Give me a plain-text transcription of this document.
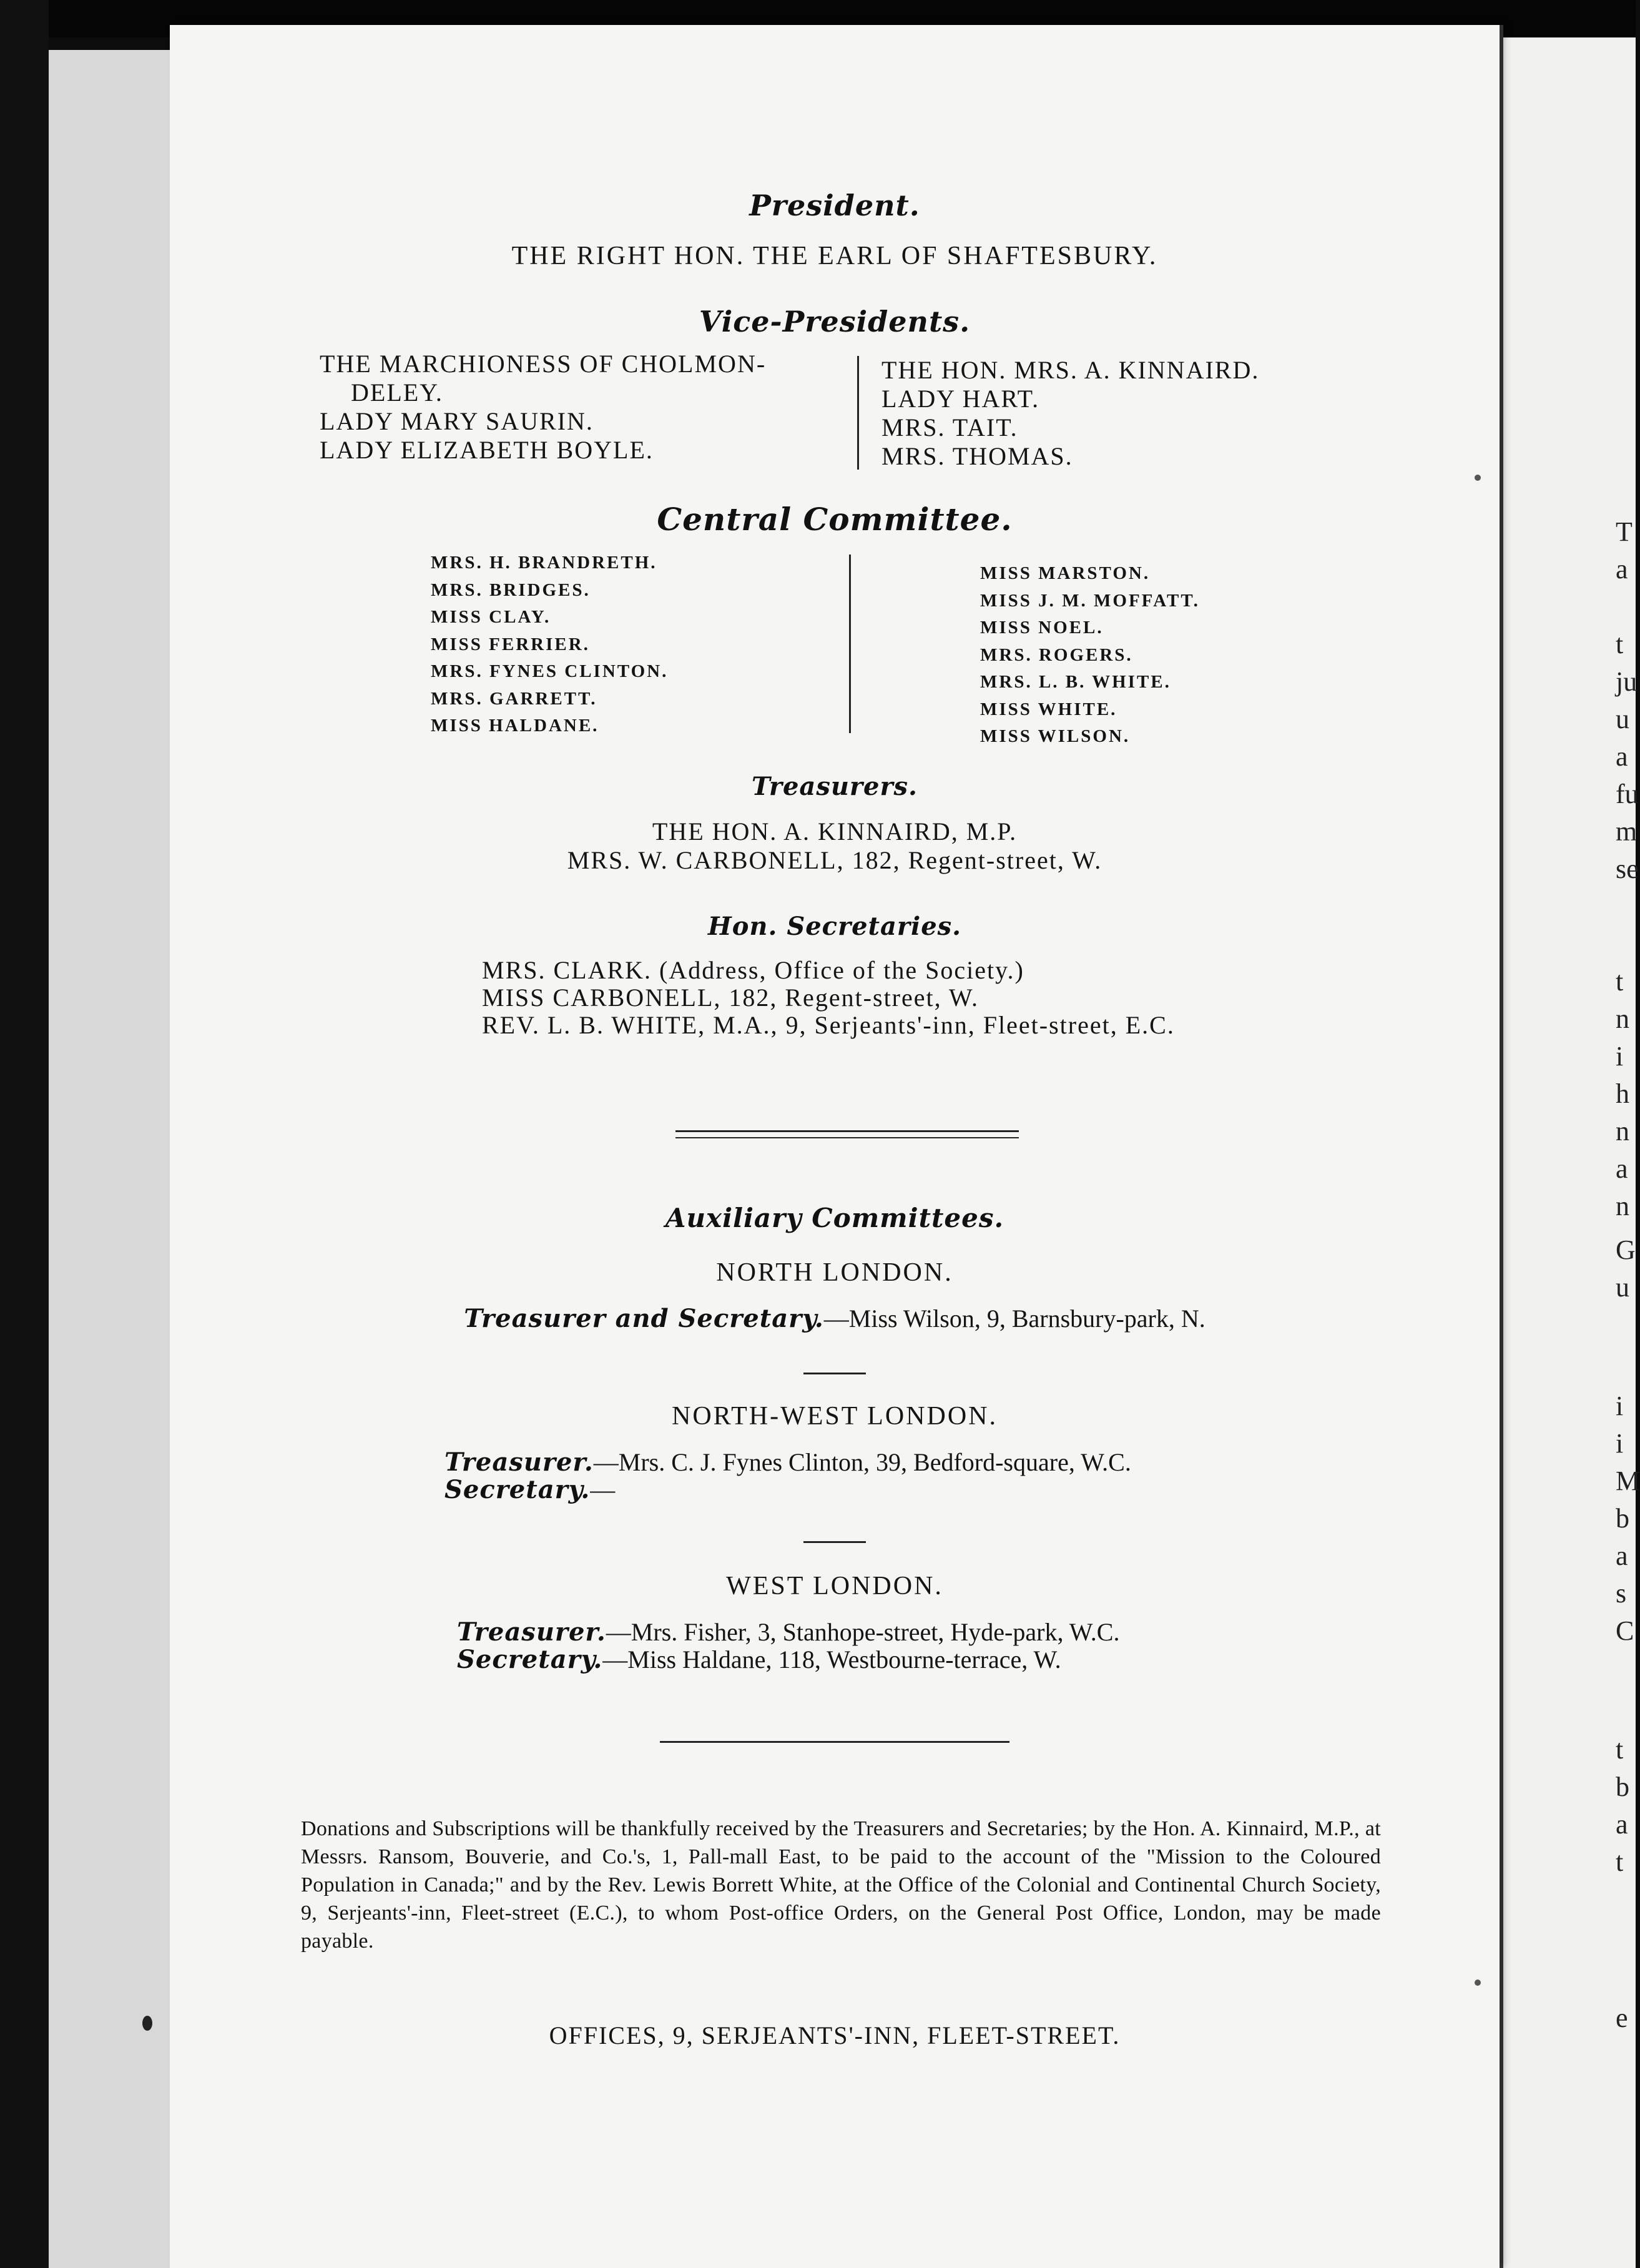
T
a
t
ju
u
a
fu
m
se
t
n
i
h
n
a
n
G
u
i
i
M
b
a
s
C
t
b
a
t
e
President.
THE RIGHT HON. THE EARL OF SHAFTESBURY.
Vice-Presidents.
THE MARCHIONESS OF CHOLMON-
DELEY.
LADY MARY SAURIN.
LADY ELIZABETH BOYLE.
THE HON. MRS. A. KINNAIRD.
LADY HART.
MRS. TAIT.
MRS. THOMAS.
Central Committee.
MRS. H. BRANDRETH.
MRS. BRIDGES.
MISS CLAY.
MISS FERRIER.
MRS. FYNES CLINTON.
MRS. GARRETT.
MISS HALDANE.
MISS MARSTON.
MISS J. M. MOFFATT.
MISS NOEL.
MRS. ROGERS.
MRS. L. B. WHITE.
MISS WHITE.
MISS WILSON.
Treasurers.
THE HON. A. KINNAIRD, M.P.
MRS. W. CARBONELL, 182, Regent-street, W.
Hon. Secretaries.
MRS. CLARK. (Address, Office of the Society.)
MISS CARBONELL, 182, Regent-street, W.
REV. L. B. WHITE, M.A., 9, Serjeants'-inn, Fleet-street, E.C.
Auxiliary Committees.
NORTH LONDON.
Treasurer and Secretary.—Miss Wilson, 9, Barnsbury-park, N.
NORTH-WEST LONDON.
Treasurer.—Mrs. C. J. Fynes Clinton, 39, Bedford-square, W.C.
Secretary.—
WEST LONDON.
Treasurer.—Mrs. Fisher, 3, Stanhope-street, Hyde-park, W.C.
Secretary.—Miss Haldane, 118, Westbourne-terrace, W.
Donations and Subscriptions will be thankfully received by the Treasurers and Secretaries; by the Hon. A. Kinnaird, M.P., at Messrs. Ransom, Bouverie, and Co.'s, 1, Pall-mall East, to be paid to the account of the "Mission to the Coloured Population in Canada;" and by the Rev. Lewis Borrett White, at the Office of the Colonial and Continental Church Society, 9, Serjeants'-inn, Fleet-street (E.C.), to whom Post-office Orders, on the General Post Office, London, may be made payable.
OFFICES, 9, SERJEANTS'-INN, FLEET-STREET.
